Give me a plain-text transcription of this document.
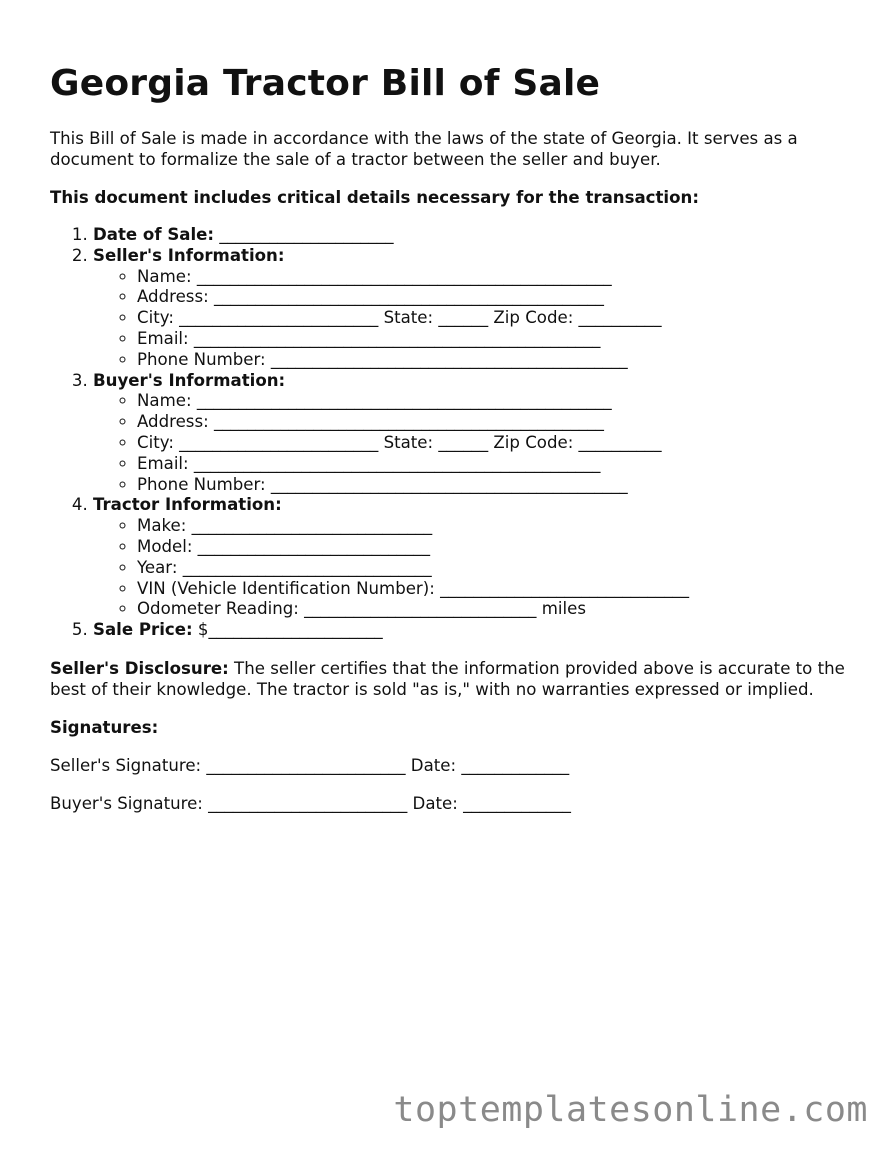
Georgia Tractor Bill of Sale

This Bill of Sale is made in accordance with the laws of the state of Georgia. It serves as a document to formalize the sale of a tractor between the seller and buyer.

This document includes critical details necessary for the transaction:

1. Date of Sale: _____________________
2. Seller's Information:
◦ Name: __________________________________________________
◦ Address: _______________________________________________
◦ City: ________________________ State: ______ Zip Code: __________
◦ Email: _________________________________________________
◦ Phone Number: ___________________________________________
3. Buyer's Information:
◦ Name: __________________________________________________
◦ Address: _______________________________________________
◦ City: ________________________ State: ______ Zip Code: __________
◦ Email: _________________________________________________
◦ Phone Number: ___________________________________________
4. Tractor Information:
◦ Make: _____________________________
◦ Model: ____________________________
◦ Year: ______________________________
◦ VIN (Vehicle Identification Number): ______________________________
◦ Odometer Reading: ____________________________ miles
5. Sale Price: $_____________________

Seller's Disclosure: The seller certifies that the information provided above is accurate to the best of their knowledge. The tractor is sold "as is," with no warranties expressed or implied.

Signatures:

Seller's Signature: ________________________ Date: _____________

Buyer's Signature: ________________________ Date: _____________

toptemplatesonline.com
